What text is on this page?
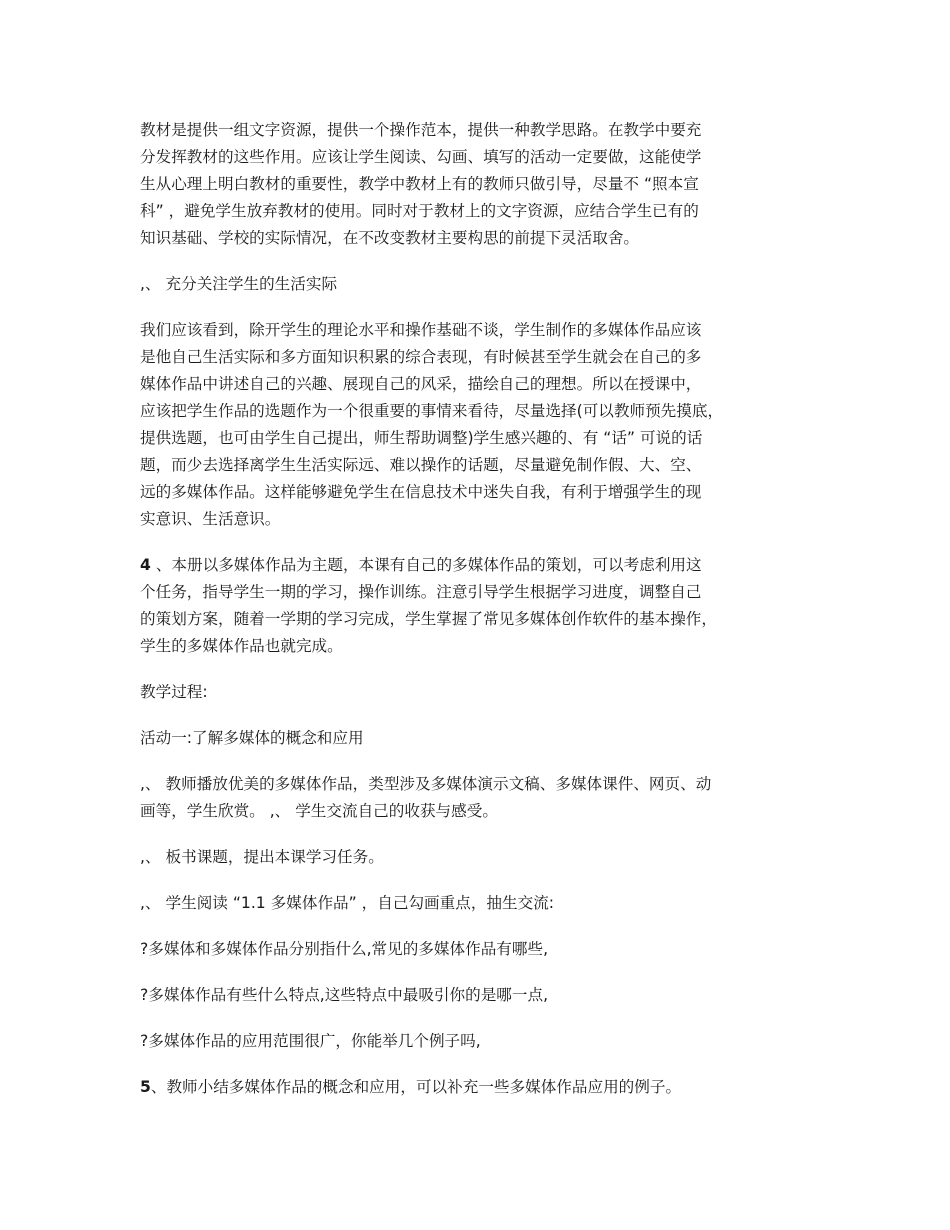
教材是提供一组文字资源，提供一个操作范本，提供一种教学思路。在教学中要充
分发挥教材的这些作用。应该让学生阅读、勾画、填写的活动一定要做，这能使学
生从心理上明白教材的重要性，教学中教材上有的教师只做引导，尽量不 “照本宣
科” ，避免学生放弃教材的使用。同时对于教材上的文字资源，应结合学生已有的
知识基础、学校的实际情况，在不改变教材主要构思的前提下灵活取舍。
,、 充分关注学生的生活实际
我们应该看到，除开学生的理论水平和操作基础不谈，学生制作的多媒体作品应该
是他自己生活实际和多方面知识积累的综合表现，有时候甚至学生就会在自己的多
媒体作品中讲述自己的兴趣、展现自己的风采，描绘自己的理想。所以在授课中，
应该把学生作品的选题作为一个很重要的事情来看待，尽量选择(可以教师预先摸底，
提供选题，也可由学生自己提出，师生帮助调整)学生感兴趣的、有 “话” 可说的话
题，而少去选择离学生生活实际远、难以操作的话题，尽量避免制作假、大、空、
远的多媒体作品。这样能够避免学生在信息技术中迷失自我，有利于增强学生的现
实意识、生活意识。
4 、本册以多媒体作品为主题，本课有自己的多媒体作品的策划，可以考虑利用这
个任务，指导学生一期的学习，操作训练。注意引导学生根据学习进度，调整自己
的策划方案，随着一学期的学习完成，学生掌握了常见多媒体创作软件的基本操作，
学生的多媒体作品也就完成。
教学过程:
活动一:了解多媒体的概念和应用
,、 教师播放优美的多媒体作品，类型涉及多媒体演示文稿、多媒体课件、网页、动
画等，学生欣赏。 ,、 学生交流自己的收获与感受。
,、 板书课题，提出本课学习任务。
,、 学生阅读 “1.1 多媒体作品” ，自己勾画重点，抽生交流:
?多媒体和多媒体作品分别指什么,常见的多媒体作品有哪些,
?多媒体作品有些什么特点,这些特点中最吸引你的是哪一点,
?多媒体作品的应用范围很广，你能举几个例子吗,
5、教师小结多媒体作品的概念和应用，可以补充一些多媒体作品应用的例子。
